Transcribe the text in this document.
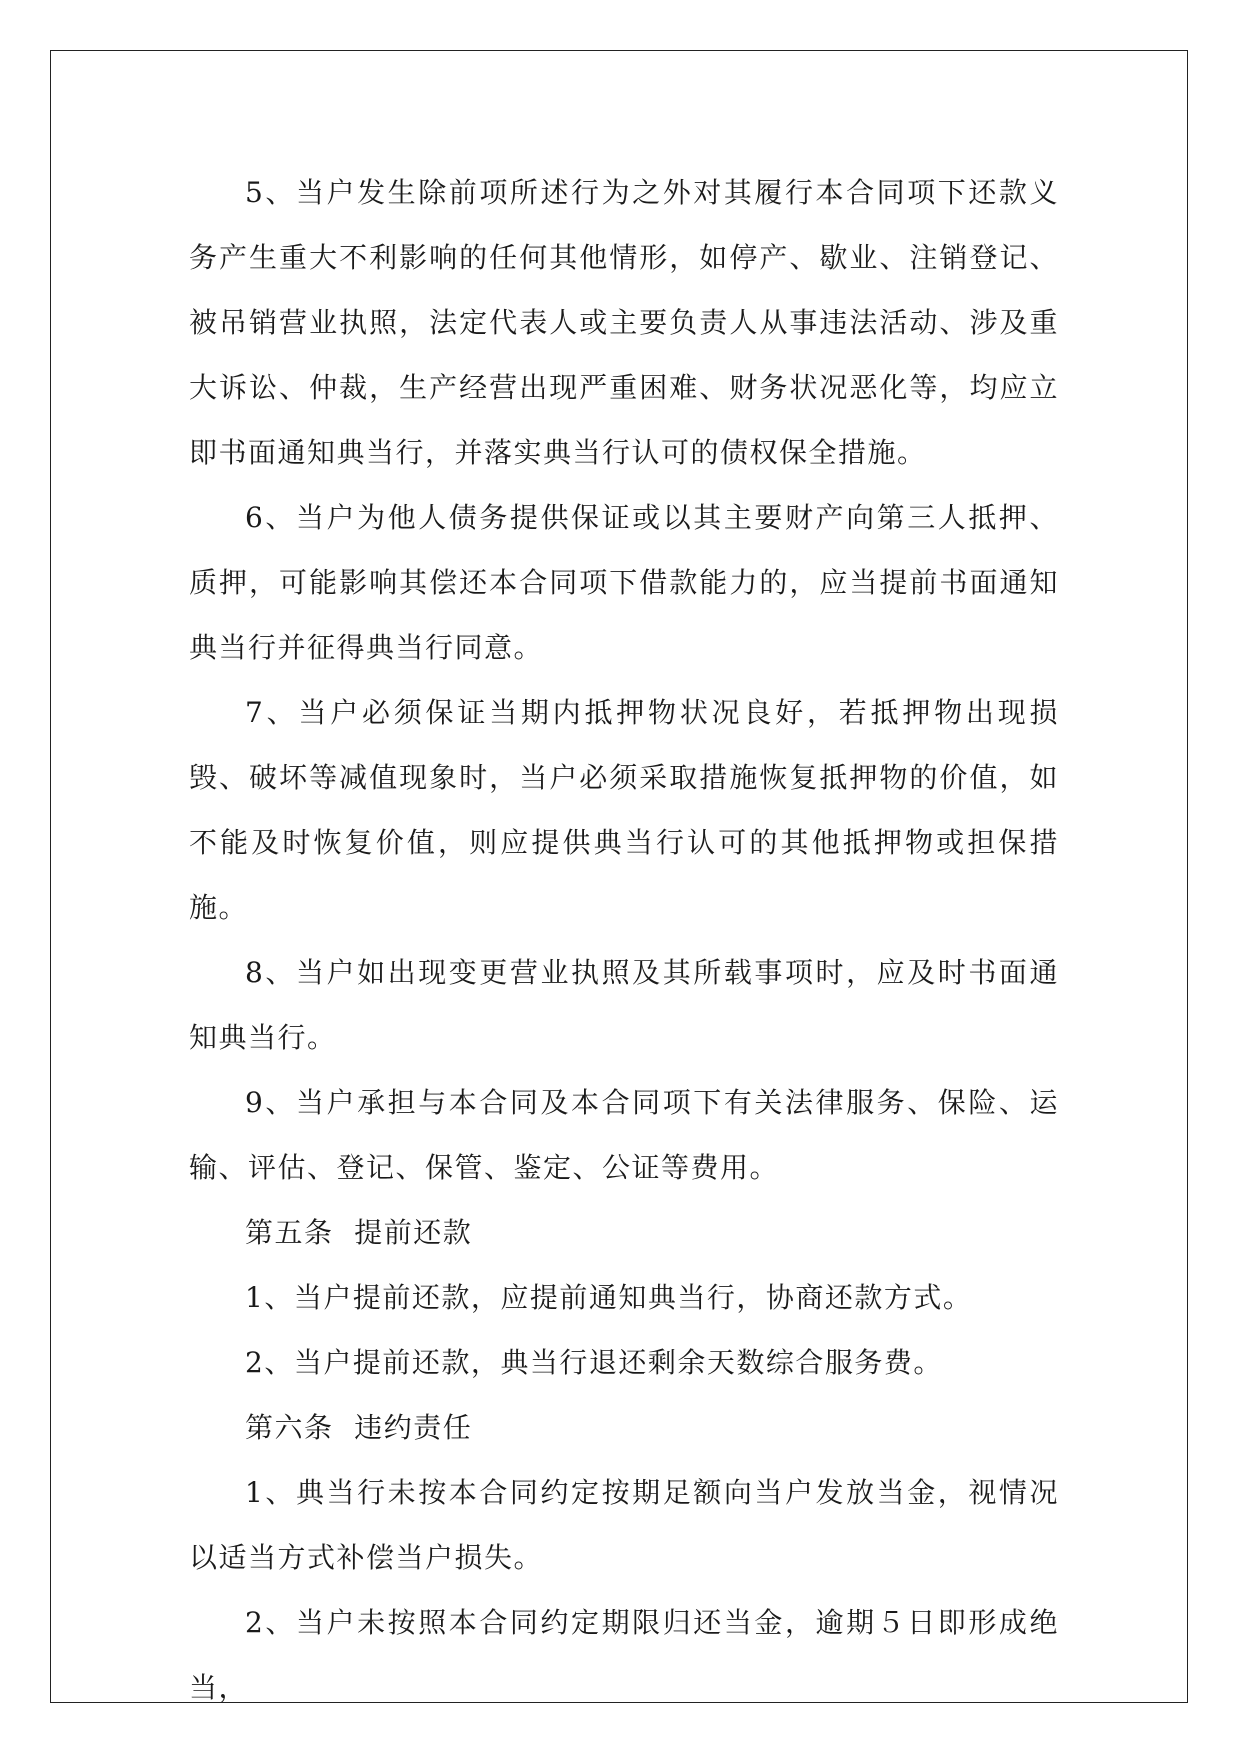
5、当户发生除前项所述行为之外对其履行本合同项下还款义务产生重大不利影响的任何其他情形，如停产、歇业、注销登记、被吊销营业执照，法定代表人或主要负责人从事违法活动、涉及重大诉讼、仲裁，生产经营出现严重困难、财务状况恶化等，均应立即书面通知典当行，并落实典当行认可的债权保全措施。

6、当户为他人债务提供保证或以其主要财产向第三人抵押、质押，可能影响其偿还本合同项下借款能力的，应当提前书面通知典当行并征得典当行同意。

7、当户必须保证当期内抵押物状况良好，若抵押物出现损毁、破坏等减值现象时，当户必须采取措施恢复抵押物的价值，如不能及时恢复价值，则应提供典当行认可的其他抵押物或担保措施。

8、当户如出现变更营业执照及其所载事项时，应及时书面通知典当行。

9、当户承担与本合同及本合同项下有关法律服务、保险、运输、评估、登记、保管、鉴定、公证等费用。

第五条  提前还款

1、当户提前还款，应提前通知典当行，协商还款方式。

2、当户提前还款，典当行退还剩余天数综合服务费。

第六条  违约责任

1、典当行未按本合同约定按期足额向当户发放当金，视情况以适当方式补偿当户损失。

2、当户未按照本合同约定期限归还当金，逾期５日即形成绝当，
